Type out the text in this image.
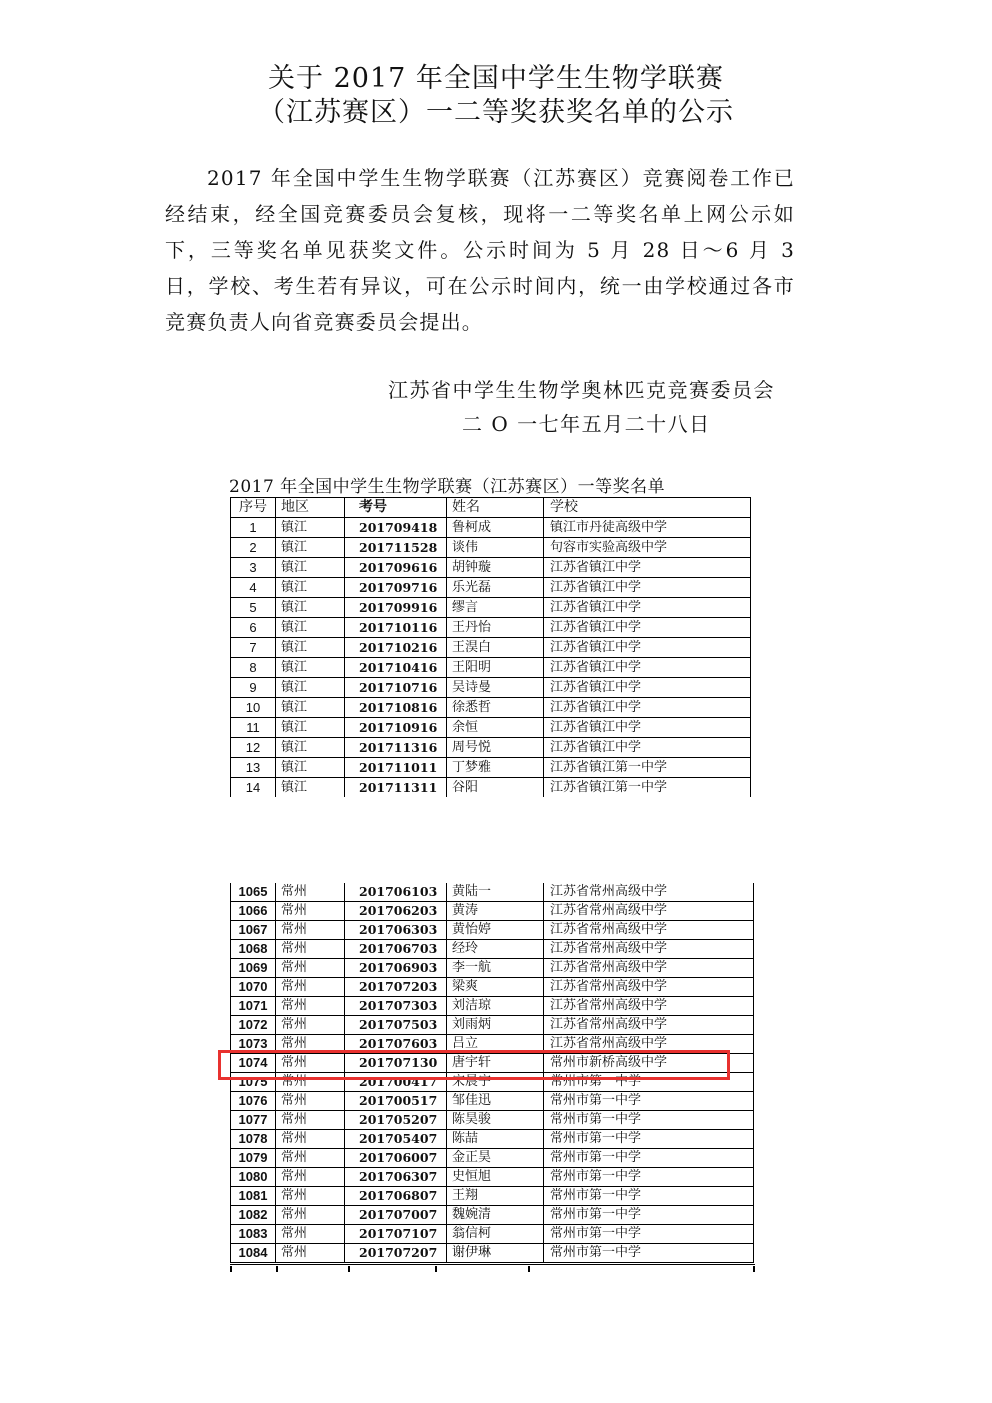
关于 2017 年全国中学生生物学联赛
（江苏赛区）一二等奖获奖名单的公示
2017 年全国中学生生物学联赛（江苏赛区）竞赛阅卷工作已经结束，经全国竞赛委员会复核，现将一二等奖名单上网公示如下，三等奖名单见获奖文件。公示时间为 5 月 28 日～6 月 3 日，学校、考生若有异议，可在公示时间内，统一由学校通过各市竞赛负责人向省竞赛委员会提出。
江苏省中学生生物学奥林匹克竞赛委员会
二 O 一七年五月二十八日
2017 年全国中学生生物学联赛（江苏赛区）一等奖名单
序号	地区	考号	姓名	学校
1	镇江	201709418	鲁柯成	镇江市丹徒高级中学
2	镇江	201711528	谈伟	句容市实验高级中学
3	镇江	201709616	胡钟璇	江苏省镇江中学
4	镇江	201709716	乐光磊	江苏省镇江中学
5	镇江	201709916	缪言	江苏省镇江中学
6	镇江	201710116	王丹怡	江苏省镇江中学
7	镇江	201710216	王淏白	江苏省镇江中学
8	镇江	201710416	王阳明	江苏省镇江中学
9	镇江	201710716	吴诗曼	江苏省镇江中学
10	镇江	201710816	徐悉哲	江苏省镇江中学
11	镇江	201710916	余恒	江苏省镇江中学
12	镇江	201711316	周号悦	江苏省镇江中学
13	镇江	201711011	丁梦雅	江苏省镇江第一中学
14	镇江	201711311	谷阳	江苏省镇江第一中学
1065	常州	201706103	黄陆一	江苏省常州高级中学
1066	常州	201706203	黄涛	江苏省常州高级中学
1067	常州	201706303	黄怡婷	江苏省常州高级中学
1068	常州	201706703	经玲	江苏省常州高级中学
1069	常州	201706903	李一航	江苏省常州高级中学
1070	常州	201707203	梁爽	江苏省常州高级中学
1071	常州	201707303	刘洁琼	江苏省常州高级中学
1072	常州	201707503	刘雨炳	江苏省常州高级中学
1073	常州	201707603	吕立	江苏省常州高级中学
1074	常州	201707130	唐宇轩	常州市新桥高级中学
1075	常州	201700417	宋晨宇	常州市第一中学
1076	常州	201700517	邹佳迅	常州市第一中学
1077	常州	201705207	陈昊骏	常州市第一中学
1078	常州	201705407	陈喆	常州市第一中学
1079	常州	201706007	金正昊	常州市第一中学
1080	常州	201706307	史恒旭	常州市第一中学
1081	常州	201706807	王翔	常州市第一中学
1082	常州	201707007	魏婉清	常州市第一中学
1083	常州	201707107	翁信柯	常州市第一中学
1084	常州	201707207	谢伊琳	常州市第一中学
